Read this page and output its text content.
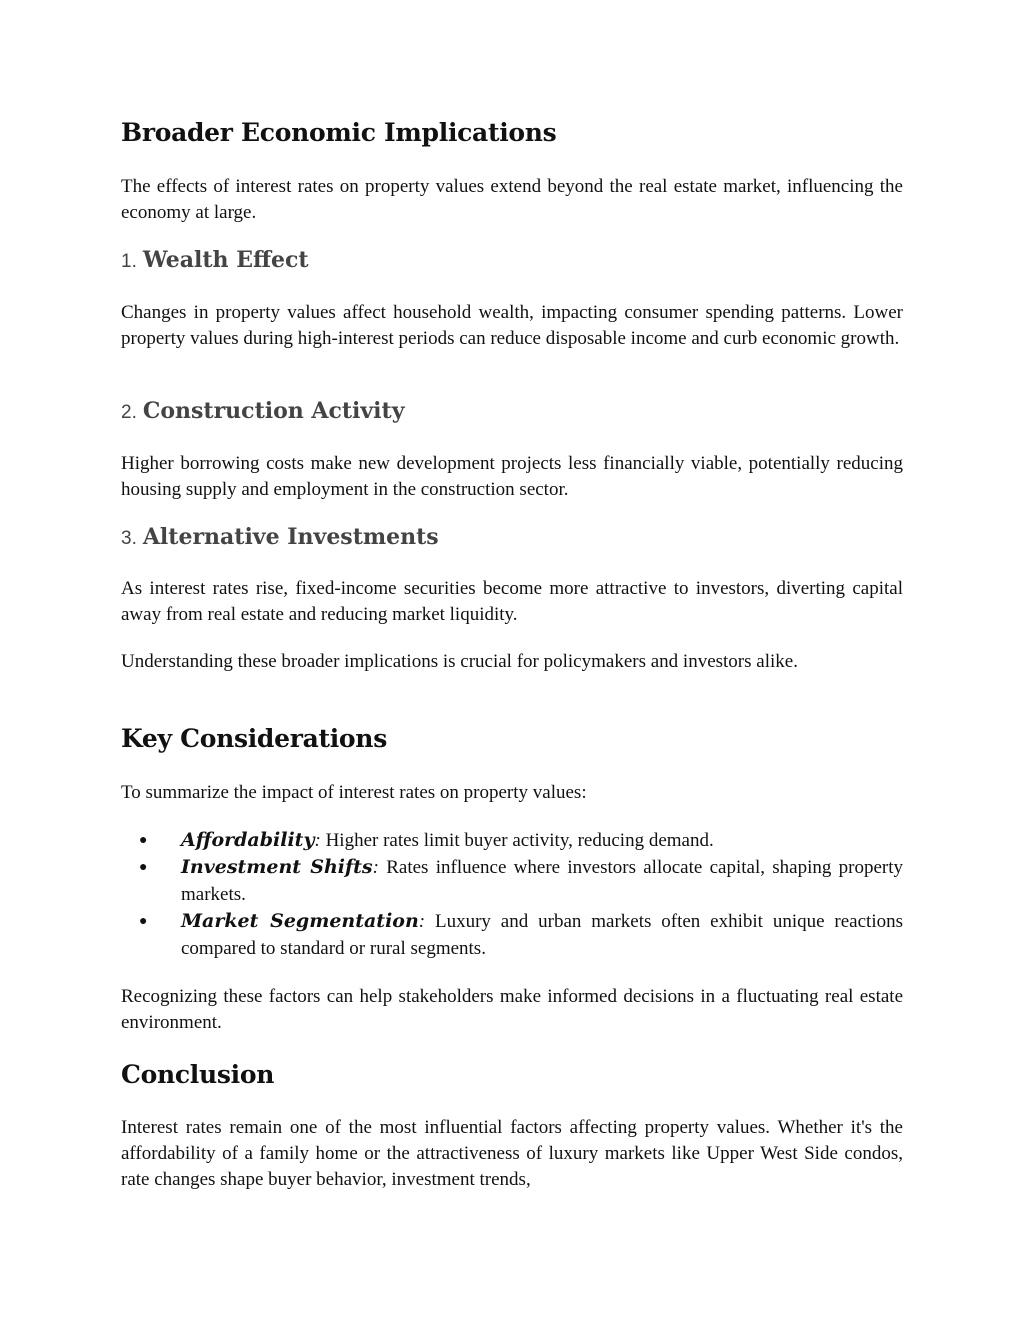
Broader Economic Implications

The effects of interest rates on property values extend beyond the real estate market, influencing the economy at large.

1. Wealth Effect

Changes in property values affect household wealth, impacting consumer spending patterns. Lower property values during high-interest periods can reduce disposable income and curb economic growth.

2. Construction Activity

Higher borrowing costs make new development projects less financially viable, potentially reducing housing supply and employment in the construction sector.

3. Alternative Investments

As interest rates rise, fixed-income securities become more attractive to investors, diverting capital away from real estate and reducing market liquidity.

Understanding these broader implications is crucial for policymakers and investors alike.

Key Considerations

To summarize the impact of interest rates on property values:

● Affordability: Higher rates limit buyer activity, reducing demand.
● Investment Shifts: Rates influence where investors allocate capital, shaping property markets.
● Market Segmentation: Luxury and urban markets often exhibit unique reactions compared to standard or rural segments.

Recognizing these factors can help stakeholders make informed decisions in a fluctuating real estate environment.

Conclusion

Interest rates remain one of the most influential factors affecting property values. Whether it's the affordability of a family home or the attractiveness of luxury markets like Upper West Side condos, rate changes shape buyer behavior, investment trends,
